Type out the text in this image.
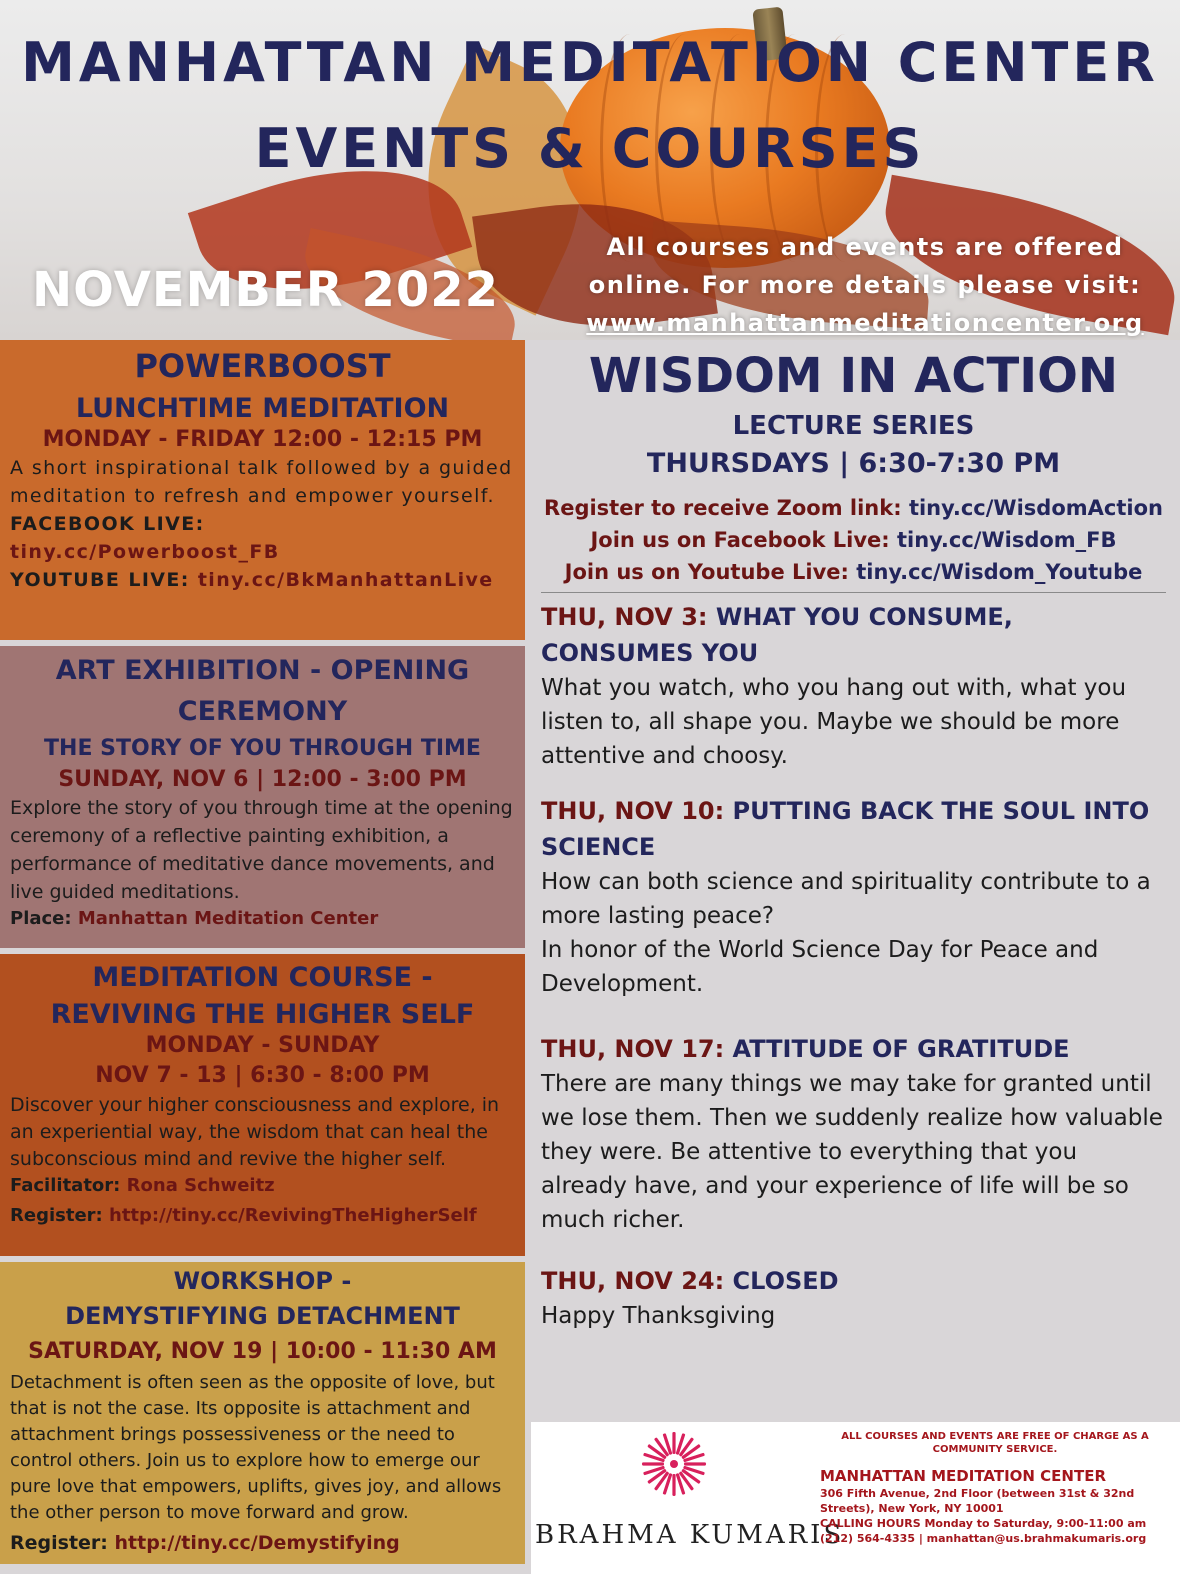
MANHATTAN MEDITATION CENTER
EVENTS & COURSES
NOVEMBER 2022
All courses and events are offered
online. For more details please visit:
www.manhattanmeditationcenter.org
POWERBOOST
LUNCHTIME MEDITATION
MONDAY - FRIDAY 12:00 - 12:15 PM
A short inspirational talk followed by a guided meditation to refresh and empower yourself.
FACEBOOK LIVE:
tiny.cc/Powerboost_FB
YOUTUBE LIVE: tiny.cc/BkManhattanLive
ART EXHIBITION - OPENING
CEREMONY
THE STORY OF YOU THROUGH TIME
SUNDAY, NOV 6 | 12:00 - 3:00 PM
Explore the story of you through time at the opening ceremony of a reflective painting exhibition, a performance of meditative dance movements, and live guided meditations.
Place: Manhattan Meditation Center
MEDITATION COURSE -
REVIVING THE HIGHER SELF
MONDAY - SUNDAY
NOV 7 - 13 | 6:30 - 8:00 PM
Discover your higher consciousness and explore, in an experiential way, the wisdom that can heal the subconscious mind and revive the higher self.
Facilitator: Rona Schweitz
Register: http://tiny.cc/RevivingTheHigherSelf
WORKSHOP -
DEMYSTIFYING DETACHMENT
SATURDAY, NOV 19 | 10:00 - 11:30 AM
Detachment is often seen as the opposite of love, but that is not the case. Its opposite is attachment and attachment brings possessiveness or the need to control others. Join us to explore how to emerge our pure love that empowers, uplifts, gives joy, and allows the other person to move forward and grow.
Register: http://tiny.cc/Demystifying
WISDOM IN ACTION
LECTURE SERIES
THURSDAYS | 6:30-7:30 PM
Register to receive Zoom link: tiny.cc/WisdomAction
Join us on Facebook Live: tiny.cc/Wisdom_FB
Join us on Youtube Live: tiny.cc/Wisdom_Youtube
THU, NOV 3: WHAT YOU CONSUME, CONSUMES YOU
What you watch, who you hang out with, what you listen to, all shape you. Maybe we should be more attentive and choosy.
THU, NOV 10: PUTTING BACK THE SOUL INTO SCIENCE
How can both science and spirituality contribute to a more lasting peace?
In honor of the World Science Day for Peace and Development.
THU, NOV 17: ATTITUDE OF GRATITUDE
There are many things we may take for granted until we lose them. Then we suddenly realize how valuable they were. Be attentive to everything that you already have, and your experience of life will be so much richer.
THU, NOV 24: CLOSED
Happy Thanksgiving
BRAHMA KUMARIS
ALL COURSES AND EVENTS ARE FREE OF CHARGE AS A COMMUNITY SERVICE.
MANHATTAN MEDITATION CENTER
306 Fifth Avenue, 2nd Floor (between 31st & 32nd Streets), New York, NY 10001
CALLING HOURS Monday to Saturday, 9:00-11:00 am
(212) 564-4335 | manhattan@us.brahmakumaris.org
